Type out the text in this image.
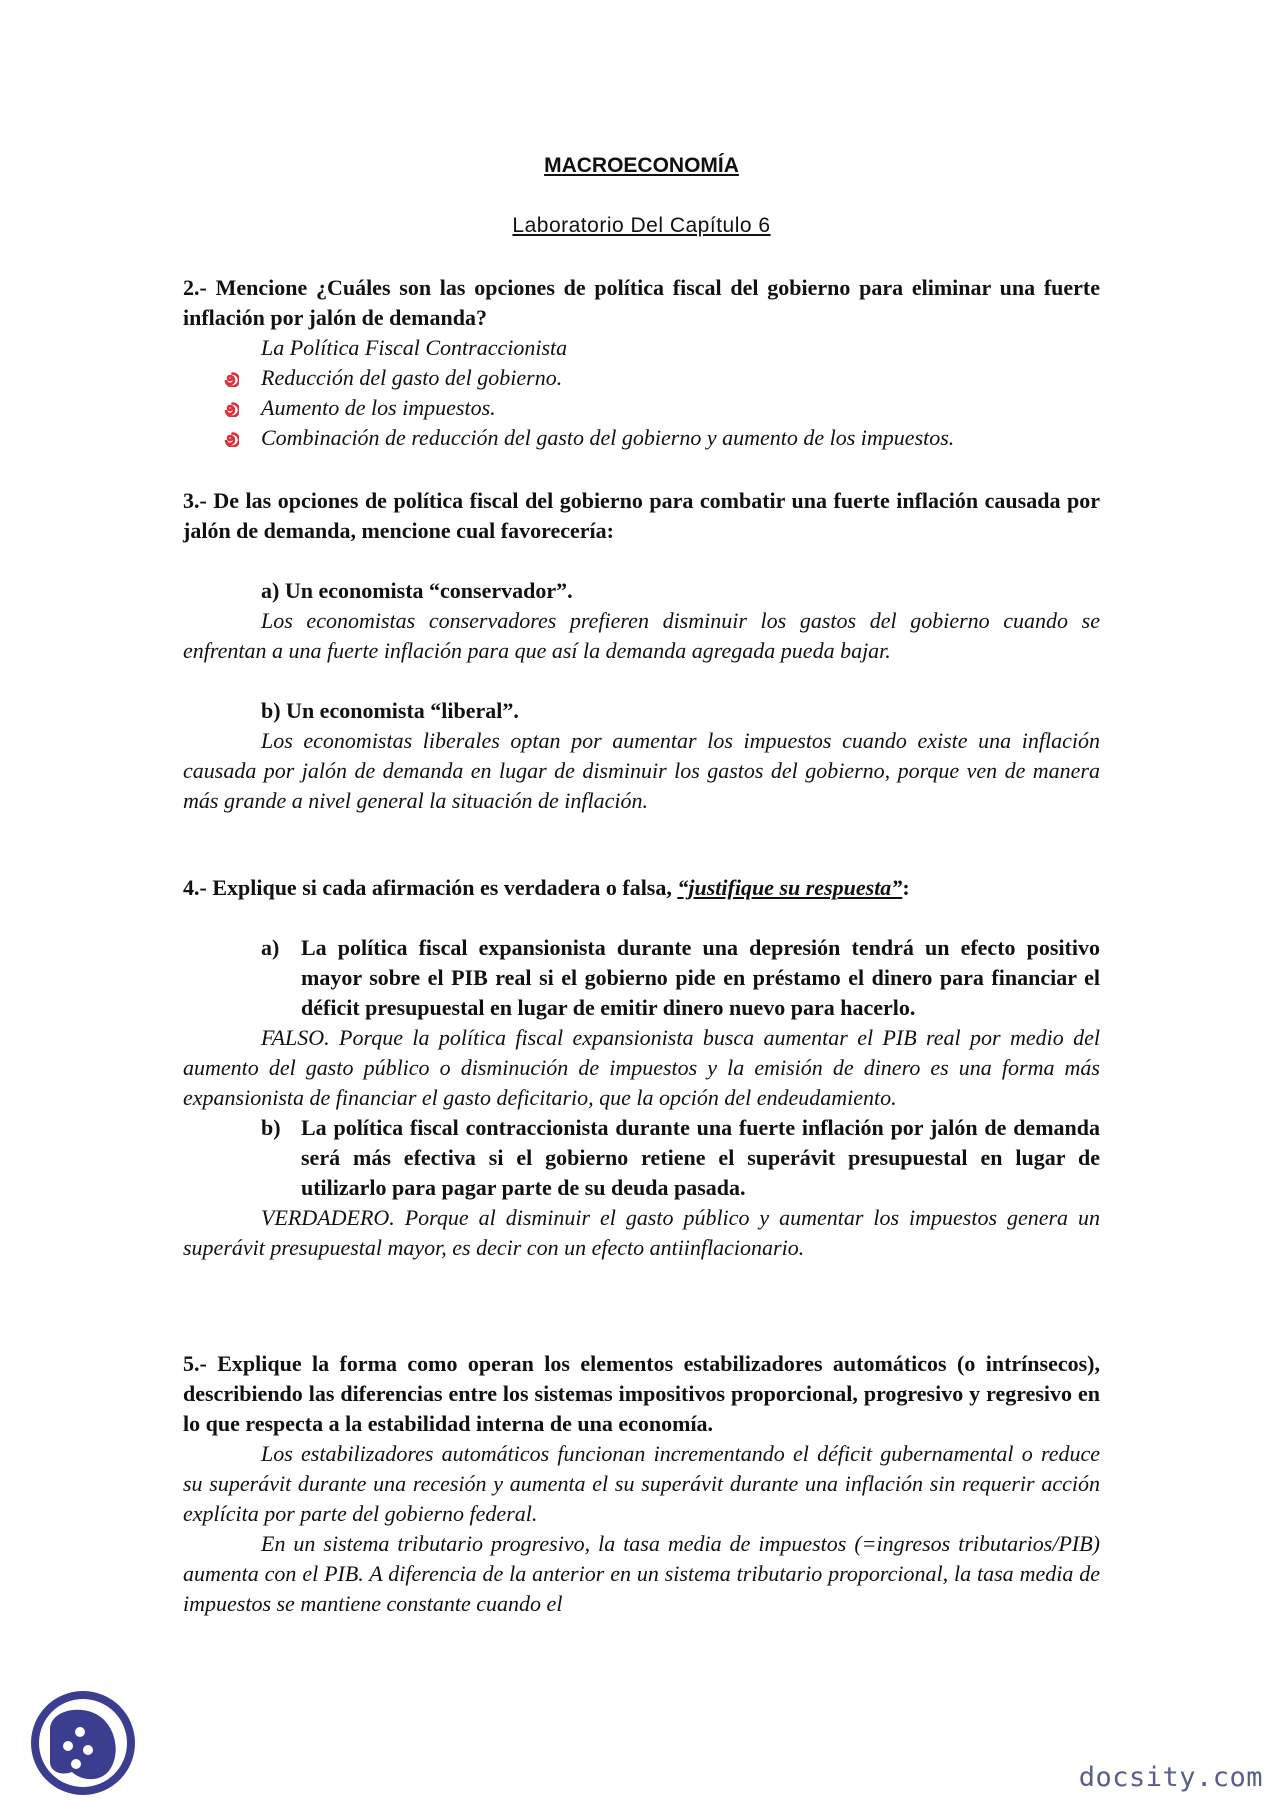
MACROECONOMÍA
Laboratorio Del Capítulo 6

2.- Mencione ¿Cuáles son las opciones de política fiscal del gobierno para eliminar una fuerte inflación por jalón de demanda?

La Política Fiscal Contraccionista

Reducción del gasto del gobierno.
Aumento de los impuestos.
Combinación de reducción del gasto del gobierno y aumento de los impuestos.

3.- De las opciones de política fiscal del gobierno para combatir una fuerte inflación causada por jalón de demanda, mencione cual favorecería:

a) Un economista “conservador”.

Los economistas conservadores prefieren disminuir los gastos del gobierno cuando se enfrentan a una fuerte inflación para que así la demanda agregada pueda bajar.

b) Un economista “liberal”.

Los economistas liberales optan por aumentar los impuestos cuando existe una inflación causada por jalón de demanda en lugar de disminuir los gastos del gobierno, porque ven de manera más grande a nivel general la situación de inflación.

4.- Explique si cada afirmación es verdadera o falsa, “justifique su respuesta”:

a) La política fiscal expansionista durante una depresión tendrá un efecto positivo mayor sobre el PIB real si el gobierno pide en préstamo el dinero para financiar el déficit presupuestal en lugar de emitir dinero nuevo para hacerlo.

FALSO. Porque la política fiscal expansionista busca aumentar el PIB real por medio del aumento del gasto público o disminución de impuestos y la emisión de dinero es una forma más expansionista de financiar el gasto deficitario, que la opción del endeudamiento.

b) La política fiscal contraccionista durante una fuerte inflación por jalón de demanda será más efectiva si el gobierno retiene el superávit presupuestal en lugar de utilizarlo para pagar parte de su deuda pasada.

VERDADERO. Porque al disminuir el gasto público y aumentar los impuestos genera un superávit presupuestal mayor, es decir con un efecto antiinflacionario.

5.- Explique la forma como operan los elementos estabilizadores automáticos (o intrínsecos), describiendo las diferencias entre los sistemas impositivos proporcional, progresivo y regresivo en lo que respecta a la estabilidad interna de una economía.

Los estabilizadores automáticos funcionan incrementando el déficit gubernamental o reduce su superávit durante una recesión y aumenta el su superávit durante una inflación sin requerir acción explícita por parte del gobierno federal.

En un sistema tributario progresivo, la tasa media de impuestos (=ingresos tributarios/PIB) aumenta con el PIB. A diferencia de la anterior en un sistema tributario proporcional, la tasa media de impuestos se mantiene constante cuando el

docsity.com
